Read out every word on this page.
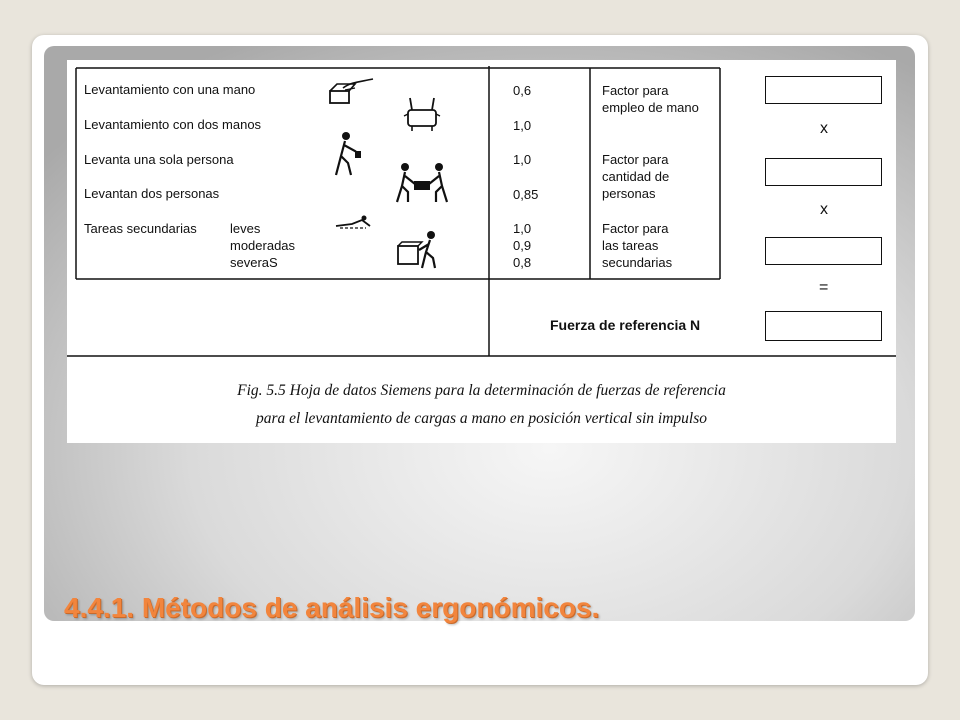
Levantamiento con una mano
Levantamiento con dos manos
Levanta una sola persona
Levantan dos personas
Tareas secundarias	leves
moderadas
severaS
0,6
1,0
1,0
0,85
1,0
0,9
0,8
Factor para
empleo de mano
Factor para
cantidad de
personas
Factor para
las tareas
secundarias
x
x
=
Fuerza de referencia N
Fig. 5.5 Hoja de datos Siemens para la determinación de fuerzas de referencia
para el levantamiento de cargas a mano en posición vertical sin impulso
4.4.1. Métodos de análisis ergonómicos.
